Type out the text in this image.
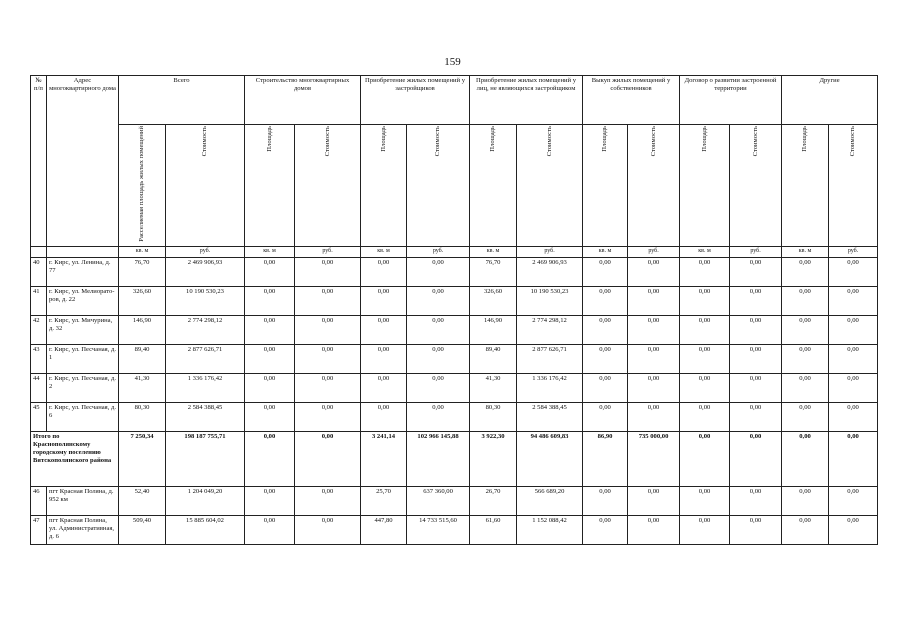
159
№ п/п	Адрес многоквартирного дома	Всего		Строительство многоквартирных домов		Приобретение жилых помещений у застройщиков		Приобретение жилых помещений у лиц, не являющихся застройщиком		Выкуп жилых помещений у собственников		Договор о развитии застроенной территории		Другие	
		Расселяемая площадь жилых помещений	Стоимость	Площадь	Стоимость	Площадь	Стоимость	Площадь	Стоимость	Площадь	Стоимость	Площадь	Стоимость	Площадь	Стоимость
		кв. м	руб.	кв. м	руб.	кв. м	руб.	кв. м	руб.	кв. м	руб.	кв. м	руб.	кв. м	руб.
40	г. Кирс, ул. Ленина, д. 77	76,70	2 469 906,93	0,00	0,00	0,00	0,00	76,70	2 469 906,93	0,00	0,00	0,00	0,00	0,00	0,00
41	г. Кирс, ул. Мелиорато-ров, д. 22	326,60	10 190 530,23	0,00	0,00	0,00	0,00	326,60	10 190 530,23	0,00	0,00	0,00	0,00	0,00	0,00
42	г. Кирс, ул. Мичурина, д. 32	146,90	2 774 298,12	0,00	0,00	0,00	0,00	146,90	2 774 298,12	0,00	0,00	0,00	0,00	0,00	0,00
43	г. Кирс, ул. Песчаная, д. 1	89,40	2 877 626,71	0,00	0,00	0,00	0,00	89,40	2 877 626,71	0,00	0,00	0,00	0,00	0,00	0,00
44	г. Кирс, ул. Песчаная, д. 2	41,30	1 336 176,42	0,00	0,00	0,00	0,00	41,30	1 336 176,42	0,00	0,00	0,00	0,00	0,00	0,00
45	г. Кирс, ул. Песчаная, д. 6	80,30	2 584 388,45	0,00	0,00	0,00	0,00	80,30	2 584 388,45	0,00	0,00	0,00	0,00	0,00	0,00
Итого по Краснополянскому городскому поселению Вятскополянского района		7 250,34	198 187 755,71	0,00	0,00	3 241,14	102 966 145,88	3 922,30	94 486 609,83	86,90	735 000,00	0,00	0,00	0,00	0,00
46	пгт Красная Поляна, д. 952 км	52,40	1 204 049,20	0,00	0,00	25,70	637 360,00	26,70	566 689,20	0,00	0,00	0,00	0,00	0,00	0,00
47	пгт Красная Поляна, ул. Административная, д. 6	509,40	15 885 604,02	0,00	0,00	447,80	14 733 515,60	61,60	1 152 088,42	0,00	0,00	0,00	0,00	0,00	0,00
